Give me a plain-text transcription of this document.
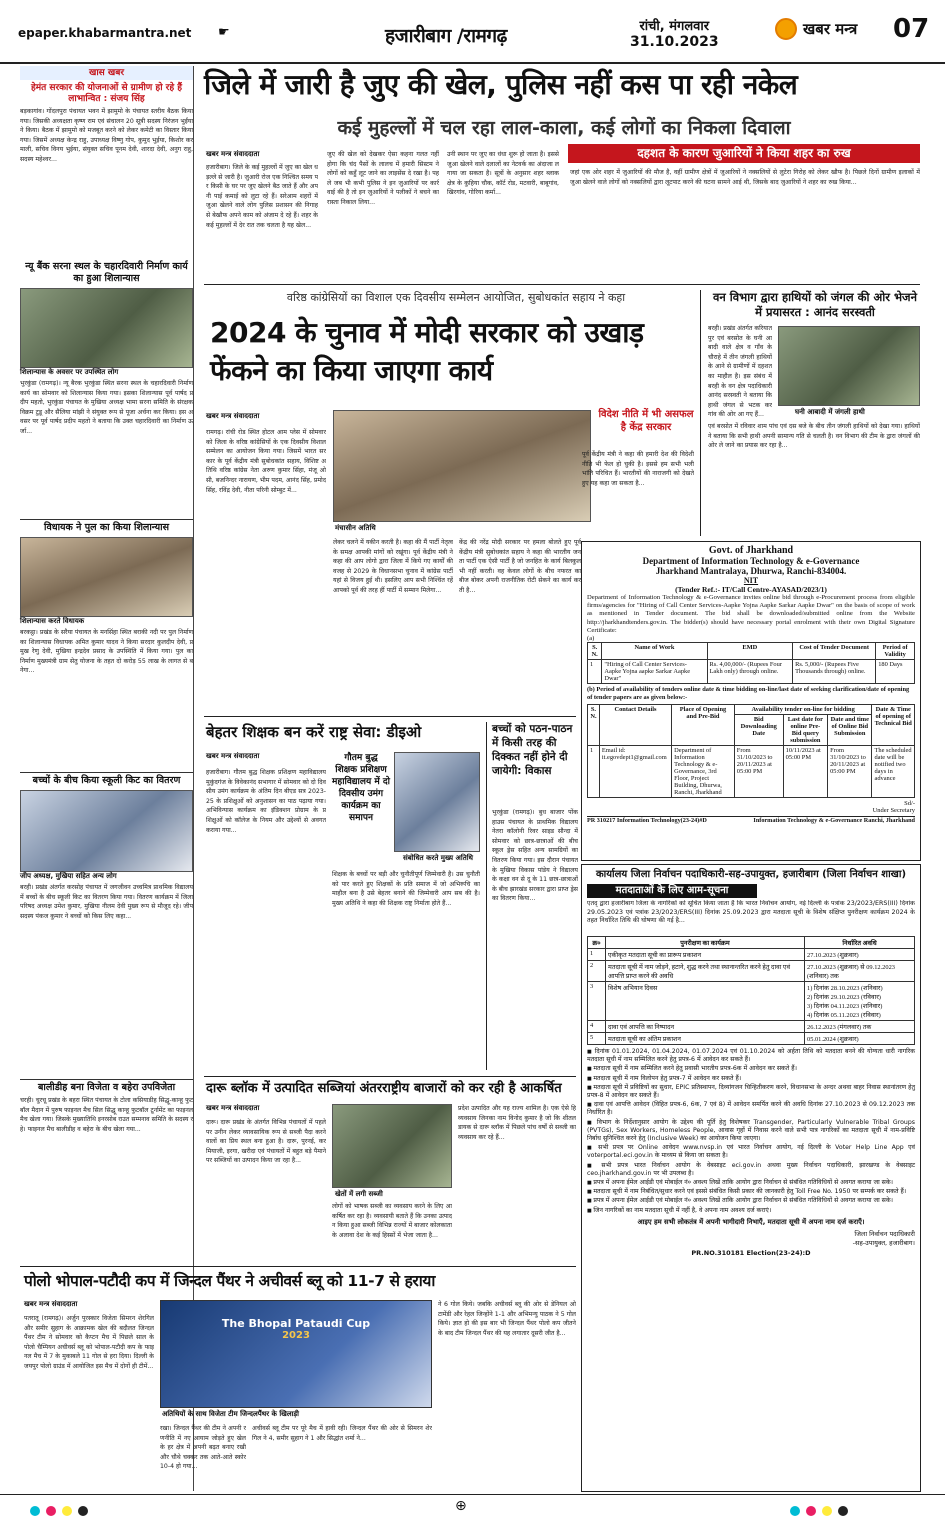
epaper.khabarmantra.net ☛	हजारीबाग /रामगढ़	रांची, मंगलवार
31.10.2023
खबर मन्त्र 07
खास खबर
हेमंत सरकार की योजनाओं से ग्रामीण हो रहे हैं लाभान्वित : संजय सिंह
बड़कागांव। गोंदलपुरा पंचायत भवन में झामुमो के पंचायत स्तरीय बैठक किया गया। जिसकी अध्यक्षता कृष्ण राम एवं संचालन 20 सूत्री सदस्य निरंजन भुईंया ने किया। बैठक में झामुमो को मजबूत करने को लेकर कमेटी का विस्तार किया गया। जिसमें अध्यक्ष केन्द्र राहु, उपाध्यक्ष विष्णु गोप, कुमुद भुईया, किशोर करमाली, सचिव विनय भुईया, संयुक्त सचिव पूनम देवी, शारदा देवी, अनुग राहु, सदस्य महेश्वर...
न्यू बैंक सरना स्थल के चहारदिवारी निर्माण कार्य का हुआ शिलान्यास
शिलान्यास के अवसर पर उपस्थित लोग
भुरकुंडा (रामगढ़)। न्यू बैरक भुरकुंडा स्थित सरना स्थल के चहारदिवारी निर्माण कार्य का सोमवार को शिलान्यास किया गया। इसका शिलान्यास पूर्व पार्षद प्रदीप महतो, भुरकुंडा पंचायत के मुखिया अध्यक्ष भामा सरना समिति के संरक्षक विक्रम टुडू और सैलिया मांझी ने संयुक्त रूप से पूजा अर्चना कर किया। इस अवसर पर पूर्व पार्षद प्रदीप महतो ने बताया कि उक्त चहारदिवारी का निर्माण ऊर्जा...
विधायक ने पुल का किया शिलान्यास
शिलान्यास करते विधायक
बरकट्ठा। प्रखंड के सरैया पंचायत के मनसिंहा स्थित बराकी नदी पर पुल निर्माण का शिलान्यास विधायक अमित कुमार यादव ने किया सरदार कुलदीप देवी, प्रमुख रेणु देवी, मुखिया इन्द्रदेव प्रसाद के उपस्थिति में किया गया। पुल का निर्माण मुख्यमंत्री ग्राम सेतु योजना के तहत दो करोड़ 55 लाख के लागत से बनेगा...
बच्चों के बीच किया स्कूली किट का वितरण
जीप अध्यक्ष, मुखिया सहित अन्य लोग
बरही। प्रखंड अंतर्गत करसोह पंचायत में जगजीवन उच्चमित्र प्राथमिक विद्यालय में बच्चों के बीच स्कूली किट का वितरण किया गया। वितरण कार्यक्रम में जिला परिषद अध्यक्ष उमेश कुमार, मुखिया नीलम देवी मुख्य रूप से मौजूद रहे। जीप सदस्य पंकज कुमार ने बच्चों को किस लिए कहा...
बालीडीह बना विजेता व बहेरा उपविजेता
चरही। चुरचू प्रखंड के बहरा स्थित पंचायत के टोला कसियाडीह सिद्धू-कान्हू फुटबॉल मैदान में पुरुष फाइनल मैच सिल सिद्धू कान्हू फुटबॉल टूर्नामेंट का फाइनल मैच खेला गया। जिसके मुख्यातिथि इनरसोब राउत सम्मनाव समिति के सदस्य रहे। फाइनल मैच बालीडीह व बहेरा के बीच खेला गया...
जिले में जारी है जुए की खेल, पुलिस नहीं कस पा रही नकेल
कई मुहल्लों में चल रहा लाल-काला, कई लोगों का निकला दिवाला
दहशत के कारण जुआरियों ने किया शहर का रुख
खबर मन्त्र संवाददाता
हजारीबाग। जिले के कई मुहल्लों में जुए का खेल धड़ल्ले से जारी है। जुआरी रोज एक निश्चित समय पर किसी के घर पर जुए खेलने बैठ जाते हैं और अपनी पाई कमाई को लुटा रहे हैं। सरेआम शहरों में जुआ खेलने वाले लोग पुलिस प्रशासन की निगाह से बेखौफ अपने काम को अंजाम दे रहे हैं। शहर के कई मुहल्लों में देर रात तक चलता है यह खेल...
जुए की खेल को देखकर ऐसा कहना गलत नहीं होगा कि चंद पैसों के लालच में हमारी सिस्टम ने लोगों को कहुँ लूट जाने का लाइसेंस दे रखा है। पहले जब भी कभी पुलिस ने इन जुआरियों पर कार्रवाई की है तो इन जुआरियों ने पलीकों ने बचने का रास्ता निकाल लिया...
उनी स्थान पर जुए का धंधा शुरू हो जाता है। इससे जुआ खेलने वाले दलालों का नेटवर्क का अंदाजा लगाया जा सकता है। सूत्रों के अनुसार शहर ब्लाक क्षेत्र के कुहिया चौक, कॉर्ट रोड, मटवारी, बाबूगांव, खिरगांव, गोरिया कर्मा...
जहां एक ओर शहर में जुआरियों की मौज है, वहीं ग्रामीण क्षेत्रों में जुआरियों ने नक्सलियों से लुटेरा गिरोह को लेकर खौफ है। पिछले दिनों ग्रामीण इलाकों में जुआ खेलने वाले लोगों को नक्सलियों द्वारा लूटपाट करने की घटना सामने आई थी, जिसके बाद जुआरियों ने शहर का रुख किया...
वरिष्ठ कांग्रेसियों का विशाल एक दिवसीय सम्मेलन आयोजित, सुबोधकांत सहाय ने कहा
2024 के चुनाव में मोदी सरकार को उखाड़ फेंकने का किया जाएगा कार्य
खबर मन्त्र संवाददाता
रामगढ़। रांची रोड स्थित होटल आम प्लेस में सोमवार को जिला के वरिष्ठ कांग्रेसियों के एक दिवसीय विशाल सम्मेलन का आयोजन किया गया। जिसमें भारत सरकार के पूर्व केंद्रीय मंत्री सुबोधकांत सहाय, विशिष्ट अतिथि वरिष्ठ कांग्रेस नेता अरुण कुमार सिंहा, मंजू ओसी, बजनिन्दर नारायण, भीम पदम, आनंद सिंह, प्रमोद सिंह, रविंद्र देवी, नीता परिनी सोम्बुट में...
मंचासीन अतिथि
लेकर चलने में यकीन करती है। कहा की मैं पार्टी नेतृत्व के समक्ष आपकी मांगों को रखूंगा। पूर्व केंद्रीय मंत्री ने कहा की आप लोगो द्वारा जिला में किये गए कार्यों की वजह से 2029 के विधानसभा चुनाव में कांग्रेस पार्टी यहां से विजय हुई थी। इसलिए आप सभी निश्चिंत रहें आपको पूर्व की तरह हीं पार्टी में सम्मान मिलेगा...
केंद्र की नरेंद्र मोदी सरकार पर हमला बोलते हुए पूर्व केंद्रीय मंत्री सुबोधकांत सहाय ने कहा की भारतीय जनता पार्टी एक ऐसी पार्टी है जो जनहित के कार्य बिलकुल भी नहीं करती। वह केवल लोगों के बीच नफरत का बीज बोकर अपनी राजनीतिक रोटी सेकने का कार्य करती है...
विदेश नीति में भी असफल है केंद्र सरकार
पूर्व केंद्रीय मंत्री ने कहा की हमारी देश की विदेशी नीति भी फेल हो चुकी है। इससे हम सभी भली भांति परिचित हैं। भारतीयों की नाराजगी को देखते हुए यह कहा जा सकता है...
वन विभाग द्वारा हाथियों को जंगल की ओर भेजने में प्रयासरत : आनंद सरस्वती
बरही। प्रखंड अंतर्गत करियातपुर एवं बरसोत के घनी आबादी वाले क्षेत्र व गाँव के चौराहे में तीन जंगली हाथियों के आने से ग्रामीणों में दहशत का माहौल है। इस संबंध में बरही के वन क्षेत्र पदाधिकारी आनंद सरस्वती ने बताया कि हाथी जंगल से भटक कर गांव की ओर आ गए हैं...	घनी आबादी में जंगली हाथी
एवं बरसोत में रविवार शाम पांच एवं दस बजे के बीच तीन जंगली हाथियों को देखा गया। हाथियों ने बताया कि सभी हाथी अपनी सामान्य गति से चलती है। वन विभाग की टीम के द्वारा जंगलों की ओर ले जाने का प्रयास कर रहा है...
Govt. of Jharkhand
Department of Information Technology & e-Governance
Jharkhand Mantralaya, Dhurwa, Ranchi-834004.
NIT
(Tender Ref.:- IT/Call Centre-AYASAD/2023/1)
Department of Information Technology & e-Governance invites online bid through e-Procurement process from eligible firms/agencies for "Hiring of Call Center Services-Aapke Yojna Aapke Sarkar Aapke Dwar" on the basis of scope of work as mentioned in Tender document. The bid shall be downloaded/submitted online from the Website http://jharkhandtenders.gov.in. The bidder(s) should have necessary portal enrolment with their own Digital Signature Certificate:
(a)
S. N.	Name of Work	EMD	Cost of Tender Document	Period of Validity
1	"Hiring of Call Center Services- Aapke Yojna aapke Sarkar Aapke Dwar"	Rs. 4,00,000/- (Rupees Four Lakh only) through online.	Rs. 5,000/- (Rupees Five Thousands through) online.	180 Days
(b) Period of availability of tenders online date & time bidding on-line/last date of seeking clarification/date of opening of tender papers are as given below:-
S. N.	Contact Details	Place of Opening and Pre-Bid	Availability tender on-line for bidding			Date & Time of opening of Technical Bid
			Bid Downloading Date	Last date for online Pre-Bid query submission	Date and time of Online Bid Submission	
1	Email id: it.egovdept1@gmail.com	Department of Information Technology & e-Governance, 3rd Floor, Project Building, Dhurwa, Ranchi, Jharkhand	From 31/10/2023 to 20/11/2023 at 05:00 PM	10/11/2023 at 05:00 PM	From 31/10/2023 to 20/11/2023 at 05:00 PM	The scheduled date will be notified two days in advance
Sd/-
Under Secretary
PR 310217 Information Technology(23-24)#D	Information Technology & e-Governance Ranchi, Jharkhand
बेहतर शिक्षक बन करें राष्ट्र सेवा: डीइओ
खबर मन्त्र संवाददाता
हजारीबाग। गौतम बुद्ध शिक्षक प्रशिक्षण महाविद्यालय मुकुंदगंज के विवेकानंद सभागार में सोमवार को दो दिवसीय उमंग कार्यक्रम के अंतिम दिन बीएड सत्र 2023-25 के प्रशिक्षुओं को अनुशासन का पाठ पढ़ाया गया। अभिविन्यास कार्यक्रम का इंडिक्शन प्रोग्राम के प्रशिक्षुओं को कॉलेज के नियम और उद्देश्यों से अवगत कराया गया...
गौतम बुद्ध शिक्षक प्रशिक्षण महाविद्यालय में दो दिवसीय उमंग कार्यक्रम का समापन
संबोधित करते मुख्य अतिथि
शिक्षक के बच्चों पर बड़ी और चुनौतीपूर्ण जिम्मेवारी है। उस चुनौती को पार करते हुए शिक्षकों के प्रति समाज में जो अभिरूचि का माहौल बना है उसे बेहतर बनाने की जिम्मेवारी आप सब की है। मुख्य अतिथि ने कहा की शिक्षक राष्ट्र निर्माता होते हैं...
बच्चों को पठन-पाठन में किसी तरह की दिक्कत नहीं होने दी जायेगी: विकास
भुरकुंडा (रामगढ़)। बुध बाजार पोंक हाउस पंचायत के प्राथमिक विद्यालय नेतरा कॉलोनी रिवर साइड सौन्दा में सोमवार को छात्र-छात्राओं की बीच स्कूल ड्रेस सहित अन्य सामग्रियों का वितरण किया गया। इस दौरान पंचायत के मुखिया विकास पांडेय ने विद्यालय के कक्षा वन से दू के 11 छात्र-छात्राओं के बीच झारखंड सरकार द्वारा प्राप्त ड्रेस का वितरण किया...
दारू ब्लॉक में उत्पादित सब्जियां अंतरराष्ट्रीय बाजारों को कर रही है आकर्षित
खबर मन्त्र संवाददाता
दारू। दारू प्रखंड के अंतर्गत विभिन्न पंचायतों में पहले पर उनीन लेकर व्यावसायिक रूप से सब्जी पैदा करने वालों का प्रिय स्थल बना हुआ है। दारू, पुरनई, करमियाजी, इरगा, खरीदा एवं पंचायतों में बहुत बड़े पैमाने पर सब्जियों का उत्पादन किया जा रहा है...
खेतों में लगी सब्जी
लोगों को भाषक सब्जी का व्यवसाय करने के लिए आकर्षित कर रहा है। व्यवसायी बताते हैं कि उनका उत्पादन किया हुआ सब्जी विभिन्न राज्यों में बाजार कोलकाता के अलावा देश के कई हिस्सों में भेजा जाता है...
प्रदेश उत्पादित और यह राज्य शामिल है। एक ऐसे हि व्यवसाय जिनका नाम विनोद कुमार है जो कि शीतल डायक से दारू ब्लॉक में पिछले पांच वर्षों से सब्जी का व्यवसाय कर रहे हैं...
कार्यालय जिला निर्वाचन पदाधिकारी-सह-उपायुक्त, हजारीबाग (जिला निर्वाचन शाखा)
मतदाताओं के लिए आम-सूचना
एतद् द्वारा हजारीबाग जिला के नागरिकों को सूचित किया जाता है कि भारत निर्वाचन आयोग, नई दिल्ली के पत्रांक 23/2023/ERS(III) दिनांक 29.05.2023 एवं पत्रांक 23/2023/ERS(III) दिनांक 25.09.2023 द्वारा मतदाता सूची के विशेष संक्षिप्त पुनरीक्षण कार्यक्रम 2024 के तहत निर्धारित तिथि की घोषणा की गई है...
क्र०	पुनरीक्षण का कार्यक्रम	निर्धारित अवधि
1	एकीकृत मतदाता सूची का प्रारूप प्रकाशन	27.10.2023 (शुक्रवार)
2	मतदाता सूची में नाम जोड़ने, हटाने, शुद्ध करने तथा स्थानान्तरित करने हेतु दावा एवं आपत्ति प्राप्त करने की अवधि	27.10.2023 (शुक्रवार) से 09.12.2023 (शनिवार) तक
3	विशेष अभियान दिवस	1) दिनांक 28.10.2023 (शनिवार)
2) दिनांक 29.10.2023 (रविवार)
3) दिनांक 04.11.2023 (शनिवार)
4) दिनांक 05.11.2023 (रविवार)
4	दावा एवं आपत्ति का निष्पादन	26.12.2023 (मंगलवार) तक
5	मतदाता सूची का अंतिम प्रकाशन	05.01.2024 (शुक्रवार)
■ दिनांक 01.01.2024, 01.04.2024, 01.07.2024 एवं 01.10.2024 को अर्हता तिथि को मतदाता बनने की योग्यता धारी नागरिक मतदाता सूची में नाम सम्मिलित करने हेतु प्रपत्र-6 में आवेदन कर सकते हैं।
■ मतदाता सूची में नाम सम्मिलित करने हेतु प्रवासी भारतीय प्रपत्र-6क में आवेदन कर सकते हैं।
■ मतदाता सूची में नाम विलोपन हेतु प्रपत्र-7 में आवेदन कर सकते हैं।
■ मतदाता सूची में प्रविष्टियों का सुधार, EPIC प्रतिस्थापन, दिव्यांगजन चिन्हितीकरण करने, विधानसभा के अन्दर अथवा बाहर निवास स्थानांतरण हेतु प्रपत्र-8 में आवेदन कर सकते हैं।
■ दावा एवं आपत्ति आवेदन (विहित प्रपत्र-6, 6क, 7 एवं 8) में आवेदन समर्पित करने की अवधि दिनांक 27.10.2023 से 09.12.2023 तक निर्धारित है।
■ विभाग के निर्देशानुसार आयोग के उद्देश्य की पूर्ति हेतु विशेषकर Transgender, Particularly Vulnerable Tribal Groups (PVTGs), Sex Workers, Homeless People, आवास गृहों में निवास करने वाले सभी पात्र नागरिकों का मतदाता सूची में नाम-प्रविष्टि निर्बाध सुनिश्चित करने हेतु (Inclusive Week) का आयोजन किया जाएगा।
■ सभी प्रपत्र पर Online आवेदन www.nvsp.in एवं भारत निर्वाचन आयोग, नई दिल्ली के Voter Help Line App एवं voterportal.eci.gov.in के माध्यम से किया जा सकता है।
■ सभी प्रपत्र भारत निर्वाचन आयोग के वेबसाइट eci.gov.in अथवा मुख्य निर्वाचन पदाधिकारी, झारखण्ड के वेबसाइट ceo.jharkhand.gov.in पर भी उपलब्ध है।
■ प्रपत्र में अपना ईमेल आईडी एवं मोबाईल नं० अवश्य लिखें ताकि आयोग द्वारा निर्वाचन से संबंधित गतिविधियों से अवगत कराया जा सके।
■ मतदाता सूची में नाम निबंधित/सुधार करने एवं इससे संबंधित किसी प्रकार की जानकारी हेतु Toll Free No. 1950 पर सम्पर्क कर सकते हैं।
■ प्रपत्र में अपना ईमेल आईडी एवं मोबाईल नं० अवश्य लिखें ताकि आयोग द्वारा निर्वाचन से संबंधित गतिविधियों से अवगत कराया जा सके।
■ जिन नागरिकों का नाम मतदाता सूची में नहीं है, वे अपना नाम अवश्य दर्ज कराएं।
आइए हम सभी लोकतंत्र में अपनी भागीदारी निभाएँ, मतदाता सूची में अपना नाम दर्ज कराएँ।
जिला निर्वाचन पदाधिकारी
-सह-उपायुक्त, हजारीबाग।
PR.NO.310181 Election(23-24):D
पोलो भोपाल-पटौदी कप में जिन्दल पैंथर ने अचीवर्स ब्लू को 11-7 से हराया
खबर मन्त्र संवाददाता
पतरातू (रामगढ़)। अर्जुन पुरस्कार विजेता सिमरन शेरगिल और समीर सुहाग के आक्रामक खेल की बदौलत जिन्दल पैंथर टीम ने सोमवार को कैप्टन मैच में पिछले साल के पोलो चैम्पियन अचीवर्स ब्लू को भोपाल-पटौदी कप के फाइनल मैच में 7 के मुकाबले 11 गोल से हरा दिया। दिल्ली के जयपुर पोलो ग्राउंड में आयोजित इस मैच में दोनों ही टीमें...
The Bhopal Pataudi Cup
2023
अतिथियों के साथ विजेता टीम जिन्दलपैंथर के खिलाड़ी
रखा। जिन्दल पैंथर की टीम ने अपनी रणनीति में नए आयाम जोड़ते हुए खेल के हर क्षेत्र में अपनी बढ़त बनाए रखी और चौथे चक्कर तक आते-आते स्कोर 10-4 हो गया...
अचीवर्स ब्लू टीम पर पूरे मैच में हावी रही। जिन्दल पैंथर की ओर से सिमरन शेरगिल ने 4, समीर सुहाग ने 1 और सिद्धांत शर्मा ने...
ने 6 गोल किये। जबकि अचीवर्स ब्लू की ओर से डेनियल ओटामेंडी और रेहल जिन्होंने 1-1 और अभिमन्यु पाठक ने 5 गोल किये। ज्ञात हो की इस बार भी जिन्दल पैंथर पोलो कप जीतने के बाद टीम जिन्दल पैंथर की यह लगातार दूसरी जीत है...
⊕
